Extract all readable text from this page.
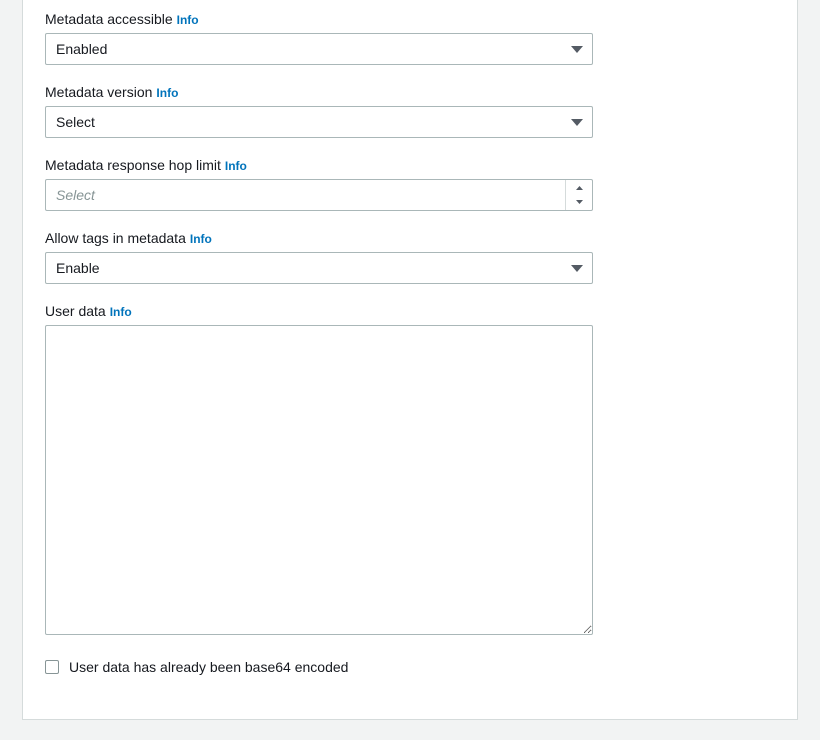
Metadata accessible Info
Enabled
Metadata version Info
Select
Metadata response hop limit Info
Select
Allow tags in metadata Info
Enable
User data Info
User data has already been base64 encoded
